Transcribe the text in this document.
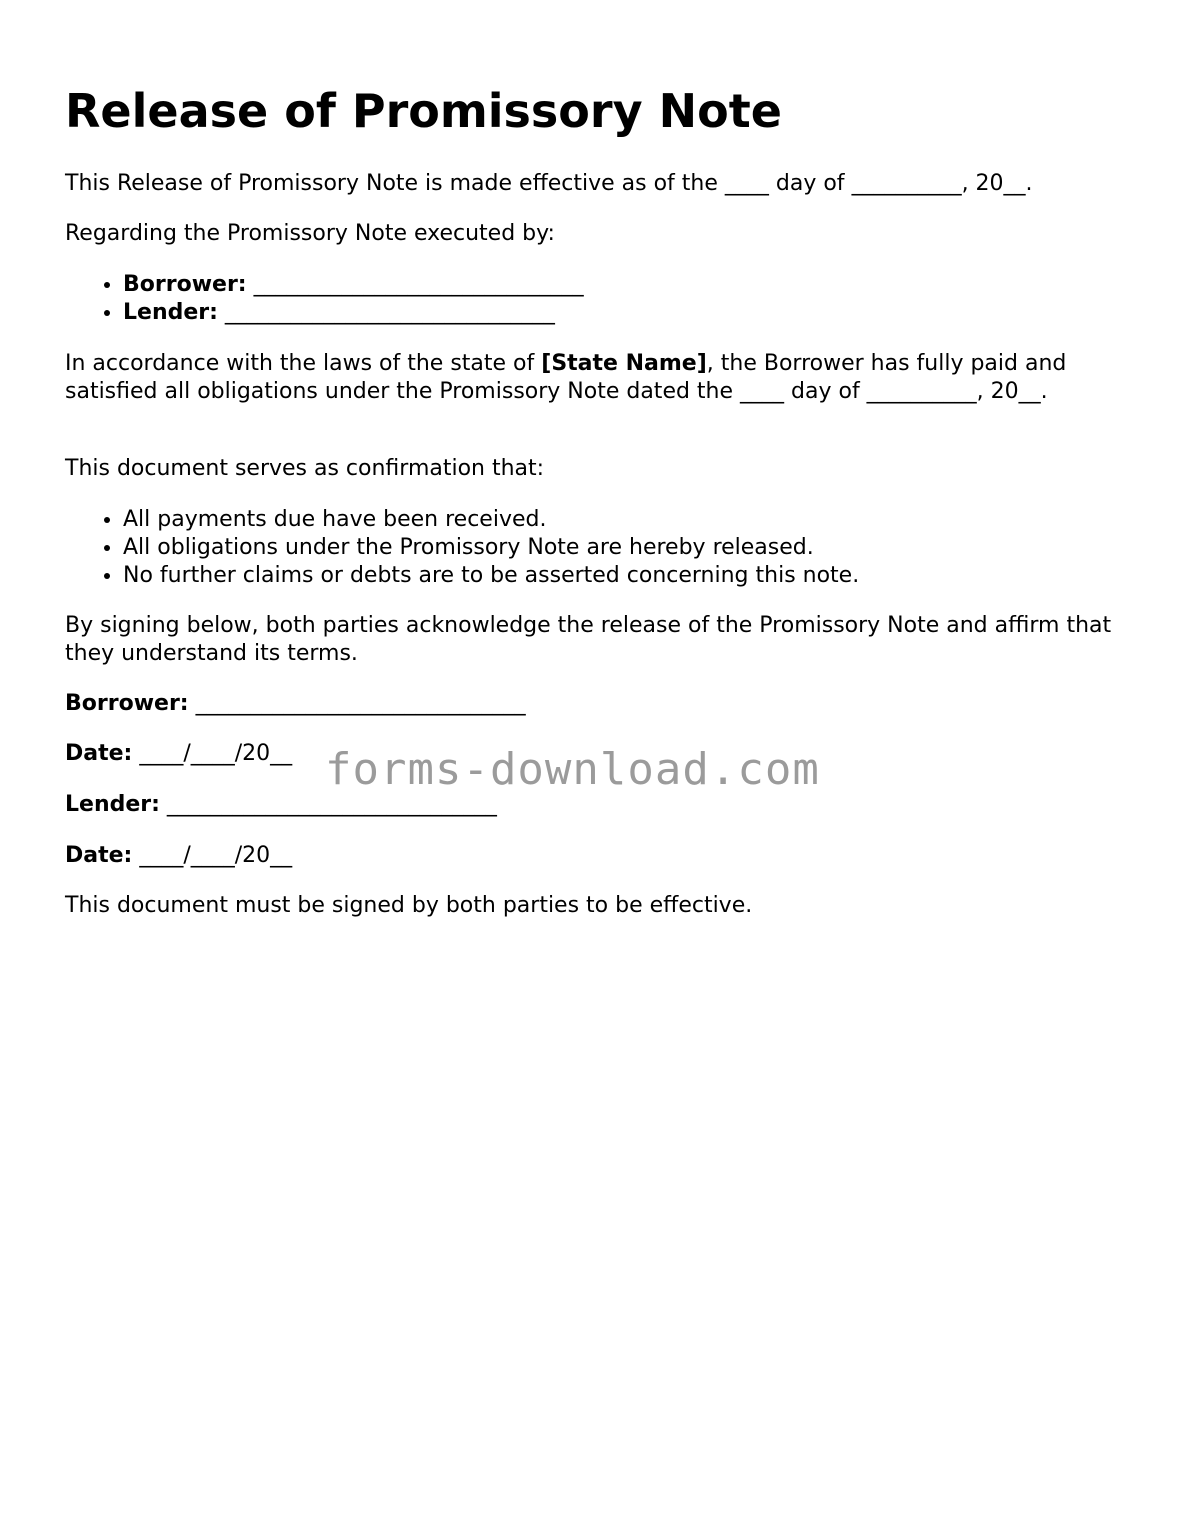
Release of Promissory Note

This Release of Promissory Note is made effective as of the ____ day of __________, 20__.

Regarding the Promissory Note executed by:

• Borrower: ______________________________
• Lender: ______________________________

In accordance with the laws of the state of [State Name], the Borrower has fully paid and satisfied all obligations under the Promissory Note dated the ____ day of __________, 20__.

This document serves as confirmation that:

• All payments due have been received.
• All obligations under the Promissory Note are hereby released.
• No further claims or debts are to be asserted concerning this note.

By signing below, both parties acknowledge the release of the Promissory Note and affirm that they understand its terms.

Borrower: ______________________________

Date: ____/____/20__

Lender: ______________________________

Date: ____/____/20__

This document must be signed by both parties to be effective.

forms-download.com
